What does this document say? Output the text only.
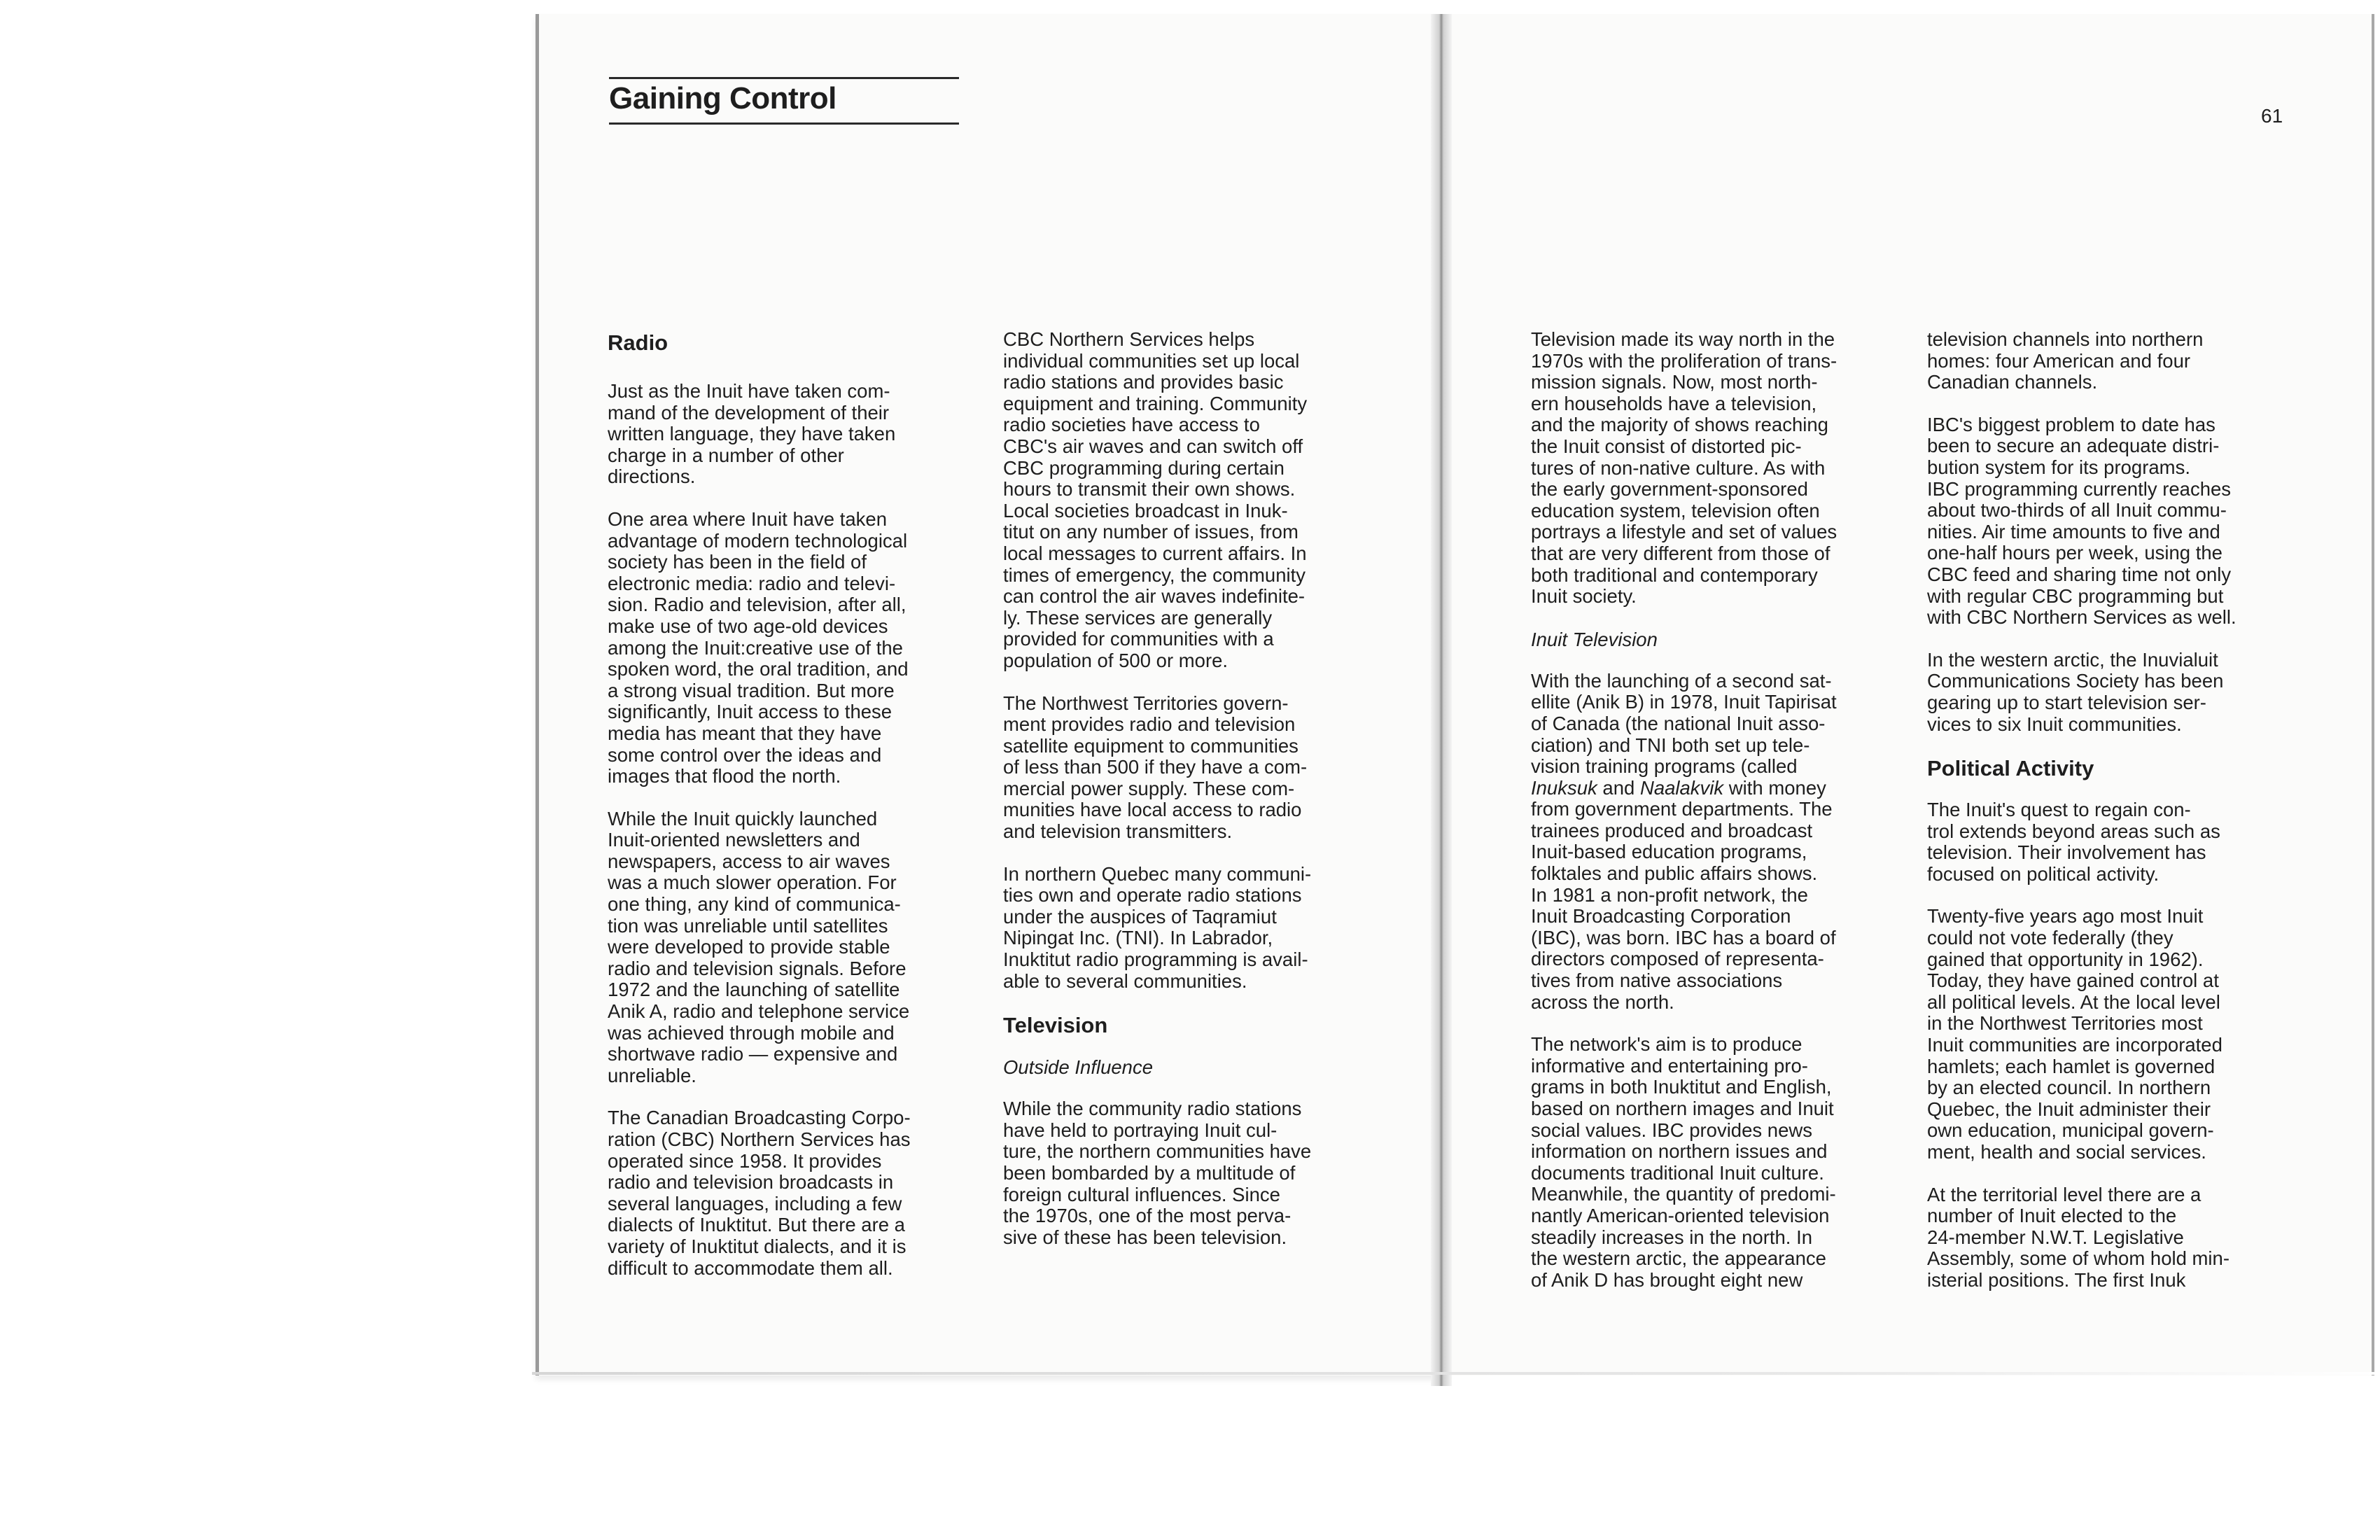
Gaining Control
61
Radio

Just as the Inuit have taken com-
mand of the development of their
written language, they have taken
charge in a number of other
directions.

One area where Inuit have taken
advantage of modern technological
society has been in the field of
electronic media: radio and televi-
sion. Radio and television, after all,
make use of two age-old devices
among the Inuit:creative use of the
spoken word, the oral tradition, and
a strong visual tradition. But more
significantly, Inuit access to these
media has meant that they have
some control over the ideas and
images that flood the north.

While the Inuit quickly launched
Inuit-oriented newsletters and
newspapers, access to air waves
was a much slower operation. For
one thing, any kind of communica-
tion was unreliable until satellites
were developed to provide stable
radio and television signals. Before
1972 and the launching of satellite
Anik A, radio and telephone service
was achieved through mobile and
shortwave radio — expensive and
unreliable.

The Canadian Broadcasting Corpo-
ration (CBC) Northern Services has
operated since 1958. It provides
radio and television broadcasts in
several languages, including a few
dialects of Inuktitut. But there are a
variety of Inuktitut dialects, and it is
difficult to accommodate them all.

CBC Northern Services helps
individual communities set up local
radio stations and provides basic
equipment and training. Community
radio societies have access to
CBC's air waves and can switch off
CBC programming during certain
hours to transmit their own shows.
Local societies broadcast in Inuk-
titut on any number of issues, from
local messages to current affairs. In
times of emergency, the community
can control the air waves indefinite-
ly. These services are generally
provided for communities with a
population of 500 or more.

The Northwest Territories govern-
ment provides radio and television
satellite equipment to communities
of less than 500 if they have a com-
mercial power supply. These com-
munities have local access to radio
and television transmitters.

In northern Quebec many communi-
ties own and operate radio stations
under the auspices of Taqramiut
Nipingat Inc. (TNI). In Labrador,
Inuktitut radio programming is avail-
able to several communities.

Television
Outside Influence

While the community radio stations
have held to portraying Inuit cul-
ture, the northern communities have
been bombarded by a multitude of
foreign cultural influences. Since
the 1970s, one of the most perva-
sive of these has been television.

Television made its way north in the
1970s with the proliferation of trans-
mission signals. Now, most north-
ern households have a television,
and the majority of shows reaching
the Inuit consist of distorted pic-
tures of non-native culture. As with
the early government-sponsored
education system, television often
portrays a lifestyle and set of values
that are very different from those of
both traditional and contemporary
Inuit society.

Inuit Television

With the launching of a second sat-
ellite (Anik B) in 1978, Inuit Tapirisat
of Canada (the national Inuit asso-
ciation) and TNI both set up tele-
vision training programs (called
Inuksuk and Naalakvik with money
from government departments. The
trainees produced and broadcast
Inuit-based education programs,
folktales and public affairs shows.
In 1981 a non-profit network, the
Inuit Broadcasting Corporation
(IBC), was born. IBC has a board of
directors composed of representa-
tives from native associations
across the north.

The network's aim is to produce
informative and entertaining pro-
grams in both Inuktitut and English,
based on northern images and Inuit
social values. IBC provides news
information on northern issues and
documents traditional Inuit culture.
Meanwhile, the quantity of predomi-
nantly American-oriented television
steadily increases in the north. In
the western arctic, the appearance
of Anik D has brought eight new

television channels into northern
homes: four American and four
Canadian channels.

IBC's biggest problem to date has
been to secure an adequate distri-
bution system for its programs.
IBC programming currently reaches
about two-thirds of all Inuit commu-
nities. Air time amounts to five and
one-half hours per week, using the
CBC feed and sharing time not only
with regular CBC programming but
with CBC Northern Services as well.

In the western arctic, the Inuvialuit
Communications Society has been
gearing up to start television ser-
vices to six Inuit communities.

Political Activity

The Inuit's quest to regain con-
trol extends beyond areas such as
television. Their involvement has
focused on political activity.

Twenty-five years ago most Inuit
could not vote federally (they
gained that opportunity in 1962).
Today, they have gained control at
all political levels. At the local level
in the Northwest Territories most
Inuit communities are incorporated
hamlets; each hamlet is governed
by an elected council. In northern
Quebec, the Inuit administer their
own education, municipal govern-
ment, health and social services.

At the territorial level there are a
number of Inuit elected to the
24-member N.W.T. Legislative
Assembly, some of whom hold min-
isterial positions. The first Inuk
